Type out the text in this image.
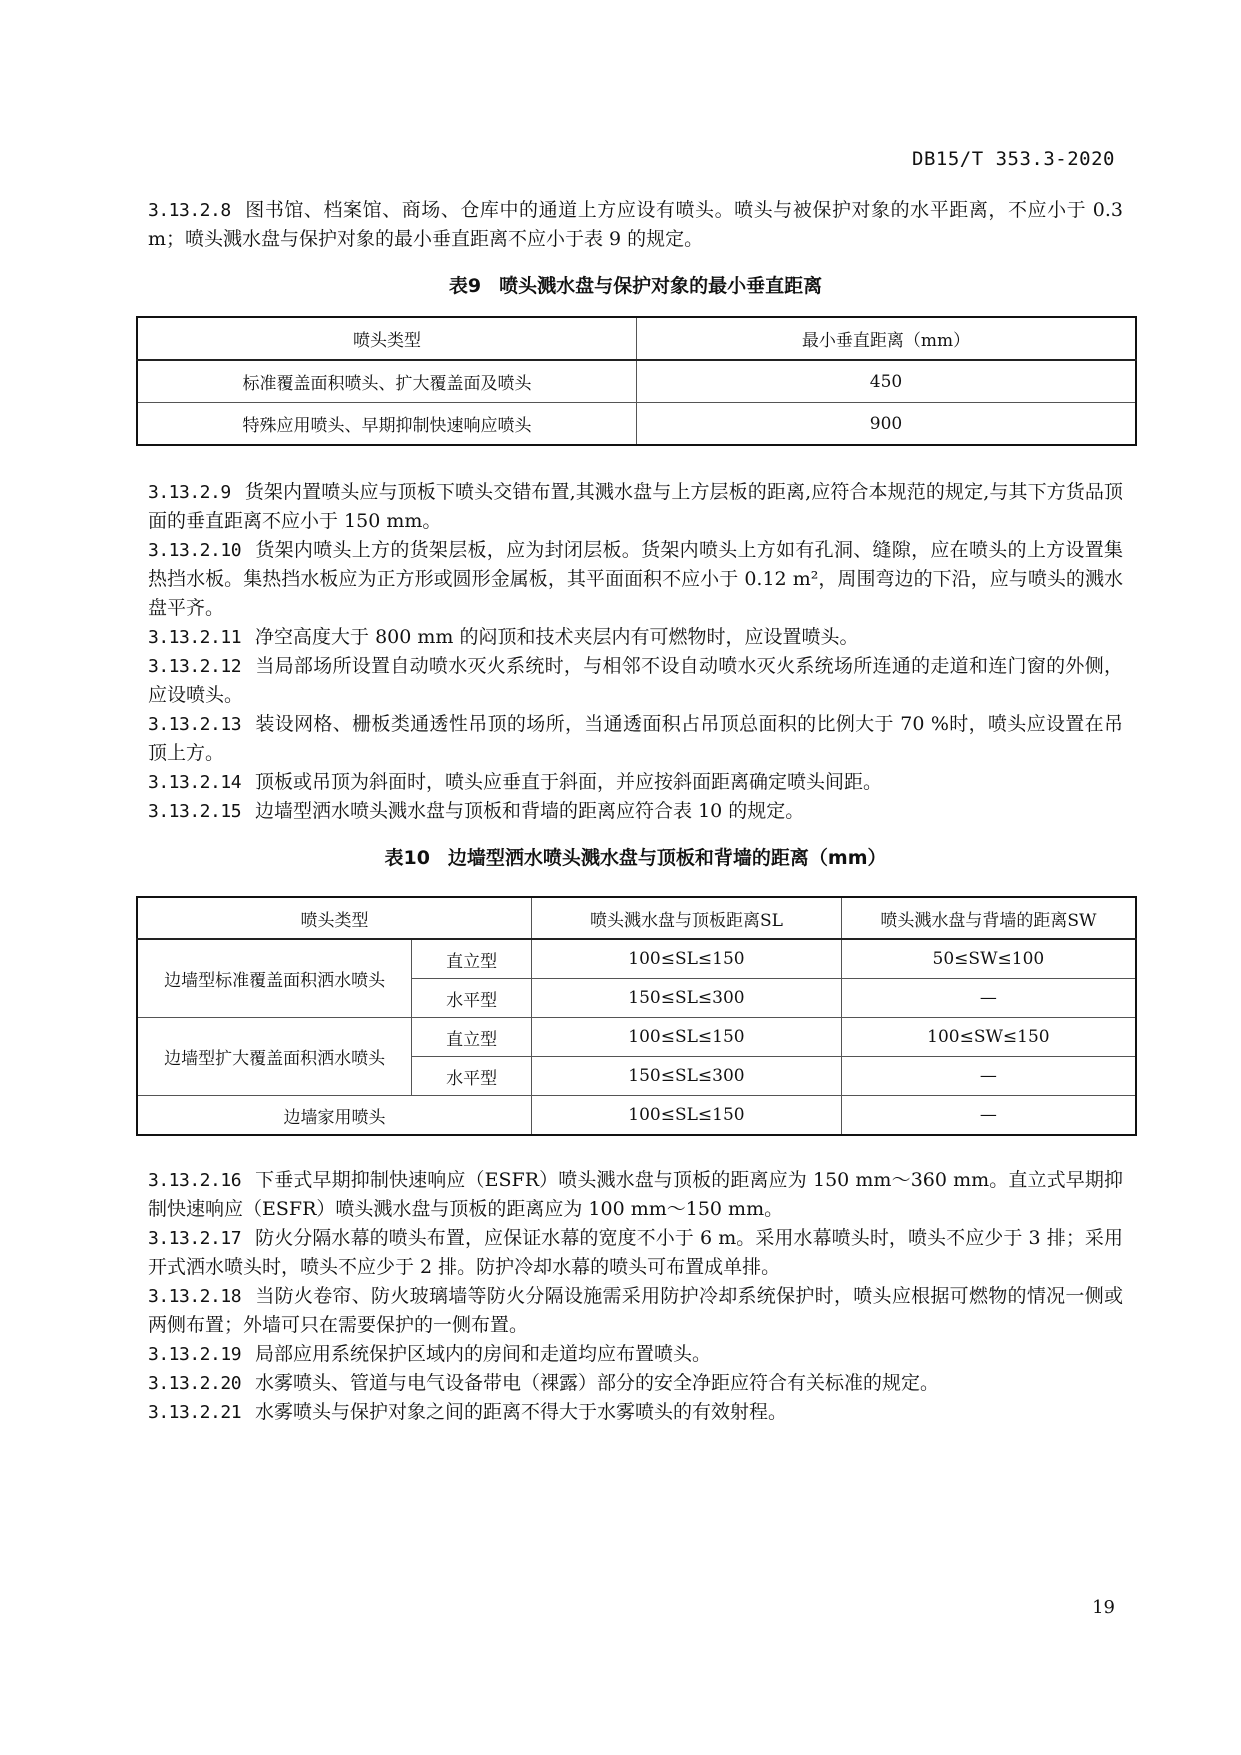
DB15/T 353.3-2020

3.13.2.8 图书馆、档案馆、商场、仓库中的通道上方应设有喷头。喷头与被保护对象的水平距离，不应小于 0.3 m；喷头溅水盘与保护对象的最小垂直距离不应小于表 9 的规定。

表9 喷头溅水盘与保护对象的最小垂直距离

喷头类型	最小垂直距离（mm）
标准覆盖面积喷头、扩大覆盖面及喷头	450
特殊应用喷头、早期抑制快速响应喷头	900

3.13.2.9 货架内置喷头应与顶板下喷头交错布置,其溅水盘与上方层板的距离,应符合本规范的规定,与其下方货品顶面的垂直距离不应小于 150 mm。

3.13.2.10 货架内喷头上方的货架层板，应为封闭层板。货架内喷头上方如有孔洞、缝隙，应在喷头的上方设置集热挡水板。集热挡水板应为正方形或圆形金属板，其平面面积不应小于 0.12 m²，周围弯边的下沿，应与喷头的溅水盘平齐。

3.13.2.11 净空高度大于 800 mm 的闷顶和技术夹层内有可燃物时，应设置喷头。

3.13.2.12 当局部场所设置自动喷水灭火系统时，与相邻不设自动喷水灭火系统场所连通的走道和连门窗的外侧，应设喷头。

3.13.2.13 装设网格、栅板类通透性吊顶的场所，当通透面积占吊顶总面积的比例大于 70 %时，喷头应设置在吊顶上方。

3.13.2.14 顶板或吊顶为斜面时，喷头应垂直于斜面，并应按斜面距离确定喷头间距。

3.13.2.15 边墙型洒水喷头溅水盘与顶板和背墙的距离应符合表 10 的规定。

表10 边墙型洒水喷头溅水盘与顶板和背墙的距离（mm）

喷头类型		喷头溅水盘与顶板距离SL	喷头溅水盘与背墙的距离SW
边墙型标准覆盖面积洒水喷头	直立型	100≤SL≤150	50≤SW≤100
	水平型	150≤SL≤300	—
边墙型扩大覆盖面积洒水喷头	直立型	100≤SL≤150	100≤SW≤150
	水平型	150≤SL≤300	—
边墙家用喷头		100≤SL≤150	—

3.13.2.16 下垂式早期抑制快速响应（ESFR）喷头溅水盘与顶板的距离应为 150 mm～360 mm。直立式早期抑制快速响应（ESFR）喷头溅水盘与顶板的距离应为 100 mm～150 mm。

3.13.2.17 防火分隔水幕的喷头布置，应保证水幕的宽度不小于 6 m。采用水幕喷头时，喷头不应少于 3 排；采用开式洒水喷头时，喷头不应少于 2 排。防护冷却水幕的喷头可布置成单排。

3.13.2.18 当防火卷帘、防火玻璃墙等防火分隔设施需采用防护冷却系统保护时，喷头应根据可燃物的情况一侧或两侧布置；外墙可只在需要保护的一侧布置。

3.13.2.19 局部应用系统保护区域内的房间和走道均应布置喷头。

3.13.2.20 水雾喷头、管道与电气设备带电（裸露）部分的安全净距应符合有关标准的规定。

3.13.2.21 水雾喷头与保护对象之间的距离不得大于水雾喷头的有效射程。

19
